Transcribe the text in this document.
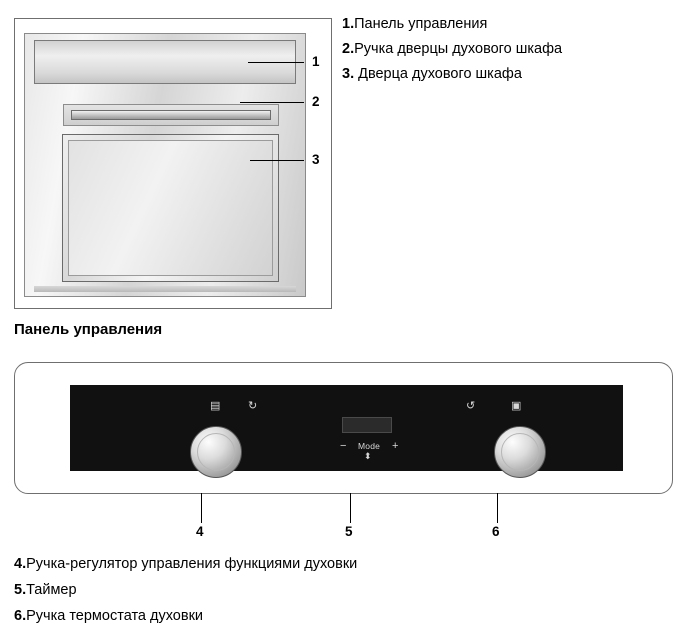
1.Панель управления
2.Ручка дверцы духового шкафа
3. Дверца духового шкафа
1
2
3
Панель управления
▤	↻
− Mode
⬍
+
↺	▣
4	5	6
4.Ручка-регулятор управления функциями духовки
5.Таймер
6.Ручка термостата духовки
